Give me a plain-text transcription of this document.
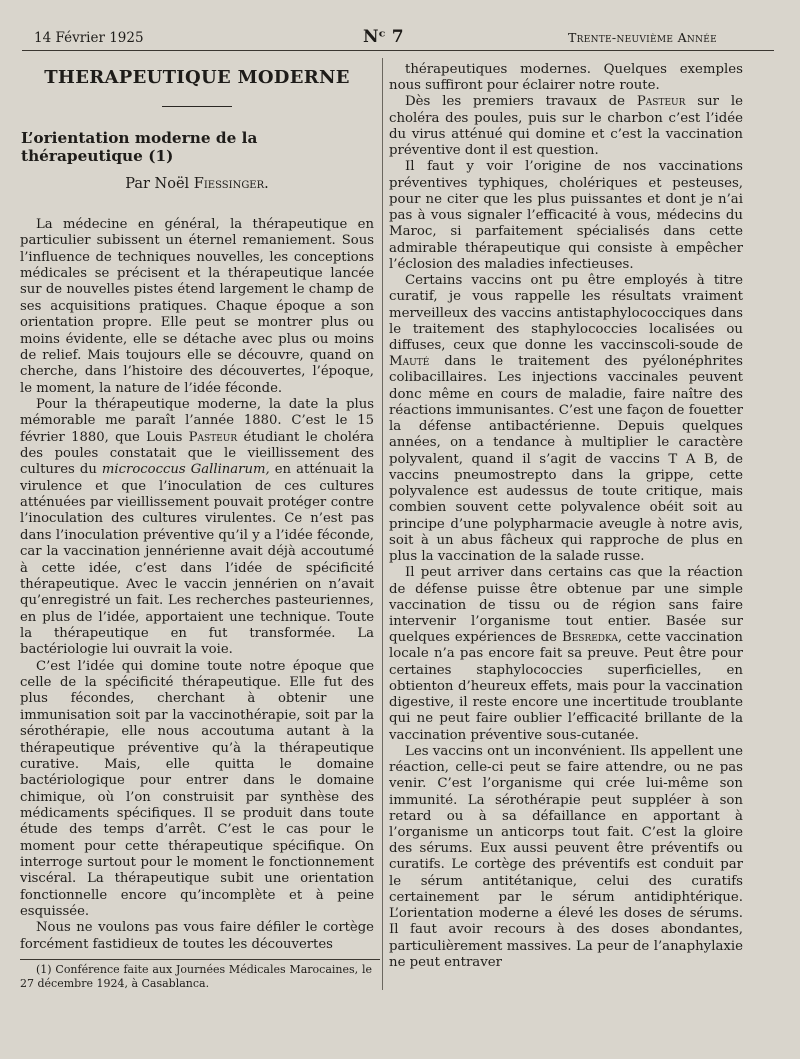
14 Février 1925	Nᶜ 7	Trente-neuvième Année
THERAPEUTIQUE MODERNE
L’orientation moderne de la thérapeutique (1)
Par Noël Fiessinger.

La médecine en général, la thérapeutique en particulier subissent un éternel remaniement. Sous l’influence de techniques nouvelles, les conceptions médicales se précisent et la thérapeutique lancée sur de nouvelles pistes étend largement le champ de ses acquisitions pratiques. Chaque époque a son orientation propre. Elle peut se montrer plus ou moins évidente, elle se détache avec plus ou moins de relief. Mais toujours elle se découvre, quand on cherche, dans l’histoire des découvertes, l’époque, le moment, la nature de l’idée féconde.

Pour la thérapeutique moderne, la date la plus mémorable me paraît l’année 1880. C’est le 15 février 1880, que Louis Pasteur étudiant le choléra des poules constatait que le vieillissement des cultures du micrococcus Gallinarum, en atténuait la virulence et que l’inoculation de ces cultures atténuées par vieillissement pouvait protéger contre l’inoculation des cultures virulentes. Ce n’est pas dans l’inoculation préventive qu’il y a l’idée féconde, car la vaccination jennérienne avait déjà accoutumé à cette idée, c’est dans l’idée de spécificité thérapeutique. Avec le vaccin jennérien on n’avait qu’enregistré un fait. Les recherches pasteuriennes, en plus de l’idée, apportaient une technique. Toute la thérapeutique en fut transformée. La bactériologie lui ouvrait la voie.

C’est l’idée qui domine toute notre époque que celle de la spécificité thérapeutique. Elle fut des plus fécondes, cherchant à obtenir une immunisation soit par la vaccinothérapie, soit par la sérothérapie, elle nous accoutuma autant à la thérapeutique préventive qu’à la thérapeutique curative. Mais, elle quitta le domaine bactériologique pour entrer dans le domaine chimique, où l’on construisit par synthèse des médicaments spécifiques. Il se produit dans toute étude des temps d’arrêt. C’est le cas pour le moment pour cette thérapeutique spécifique. On interroge surtout pour le moment le fonctionnement viscéral. La thérapeutique subit une orientation fonctionnelle encore qu’incomplète et à peine esquissée.

Nous ne voulons pas vous faire défiler le cortège forcément fastidieux de toutes les découvertes

(1) Conférence faite aux Journées Médicales Marocaines, le 27 décembre 1924, à Casablanca.

thérapeutiques modernes. Quelques exemples nous suffiront pour éclairer notre route.

Dès les premiers travaux de Pasteur sur le choléra des poules, puis sur le charbon c’est l’idée du virus atténué qui domine et c’est la vaccination préventive dont il est question.

Il faut y voir l’origine de nos vaccinations préventives typhiques, cholériques et pesteuses, pour ne citer que les plus puissantes et dont je n’ai pas à vous signaler l’efficacité à vous, médecins du Maroc, si parfaitement spécialisés dans cette admirable thérapeutique qui consiste à empêcher l’éclosion des maladies infectieuses.

Certains vaccins ont pu être employés à titre curatif, je vous rappelle les résultats vraiment merveilleux des vaccins antistaphylococciques dans le traitement des staphylococcies localisées ou diffuses, ceux que donne les vaccinscoli-soude de Mauté dans le traitement des pyélonéphrites colibacillaires. Les injections vaccinales peuvent donc même en cours de maladie, faire naître des réactions immunisantes. C’est une façon de fouetter la défense antibactérienne. Depuis quelques années, on a tendance à multiplier le caractère polyvalent, quand il s’agit de vaccins T A B, de vaccins pneumostrepto dans la grippe, cette polyvalence est audessus de toute critique, mais combien souvent cette polyvalence obéit soit au principe d’une polypharmacie aveugle à notre avis, soit à un abus fâcheux qui rapproche de plus en plus la vaccination de la salade russe.

Il peut arriver dans certains cas que la réaction de défense puisse être obtenue par une simple vaccination de tissu ou de région sans faire intervenir l’organisme tout entier. Basée sur quelques expériences de Besredka, cette vaccination locale n’a pas encore fait sa preuve. Peut être pour certaines staphylococcies superficielles, en obtienton d’heureux effets, mais pour la vaccination digestive, il reste encore une incertitude troublante qui ne peut faire oublier l’efficacité brillante de la vaccination préventive sous-cutanée.

Les vaccins ont un inconvénient. Ils appellent une réaction, celle-ci peut se faire attendre, ou ne pas venir. C’est l’organisme qui crée lui-même son immunité. La sérothérapie peut suppléer à son retard ou à sa défaillance en apportant à l’organisme un anticorps tout fait. C’est la gloire des sérums. Eux aussi peuvent être préventifs ou curatifs. Le cortège des préventifs est conduit par le sérum antitétanique, celui des curatifs certainement par le sérum antidiphtérique. L’orientation moderne a élevé les doses de sérums. Il faut avoir recours à des doses abondantes, particulièrement massives. La peur de l’anaphylaxie ne peut entraver
